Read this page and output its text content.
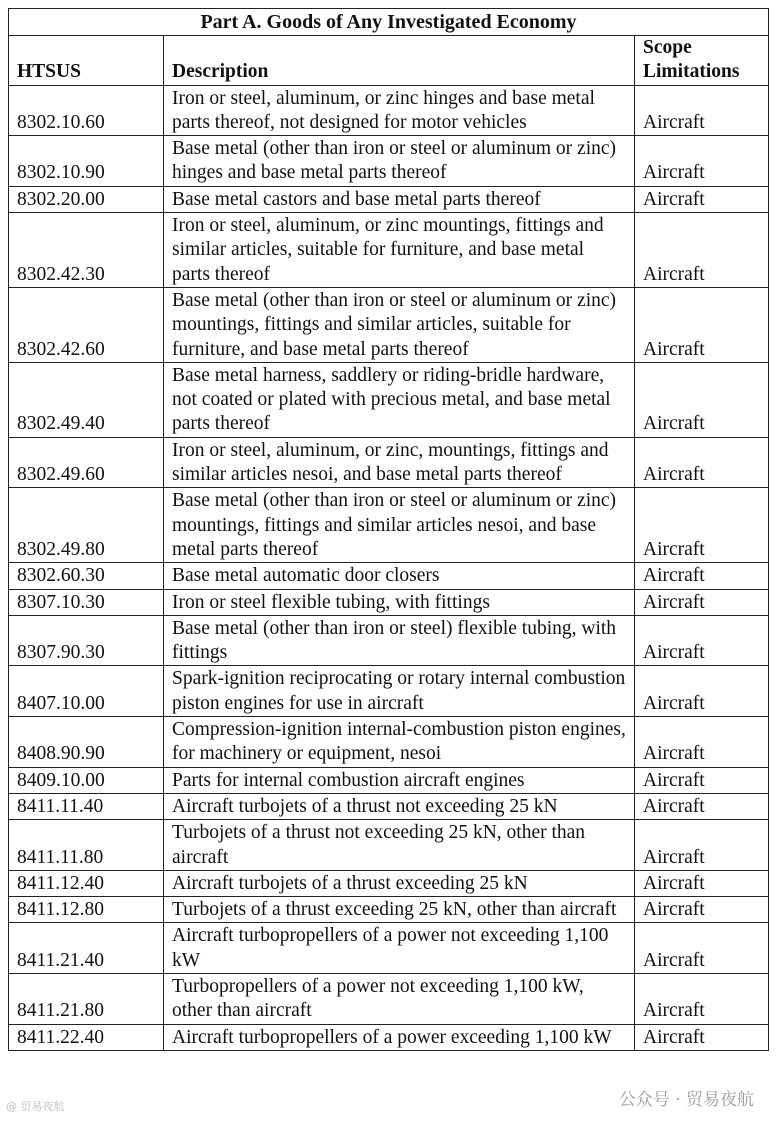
Part A. Goods of Any Investigated Economy		
HTSUS	Description	Scope Limitations
8302.10.60	Iron or steel, aluminum, or zinc hinges and base metal parts thereof, not designed for motor vehicles	Aircraft
8302.10.90	Base metal (other than iron or steel or aluminum or zinc) hinges and base metal parts thereof	Aircraft
8302.20.00	Base metal castors and base metal parts thereof	Aircraft
8302.42.30	Iron or steel, aluminum, or zinc mountings, fittings and similar articles, suitable for furniture, and base metal parts thereof	Aircraft
8302.42.60	Base metal (other than iron or steel or aluminum or zinc) mountings, fittings and similar articles, suitable for furniture, and base metal parts thereof	Aircraft
8302.49.40	Base metal harness, saddlery or riding-bridle hardware, not coated or plated with precious metal, and base metal parts thereof	Aircraft
8302.49.60	Iron or steel, aluminum, or zinc, mountings, fittings and similar articles nesoi, and base metal parts thereof	Aircraft
8302.49.80	Base metal (other than iron or steel or aluminum or zinc) mountings, fittings and similar articles nesoi, and base metal parts thereof	Aircraft
8302.60.30	Base metal automatic door closers	Aircraft
8307.10.30	Iron or steel flexible tubing, with fittings	Aircraft
8307.90.30	Base metal (other than iron or steel) flexible tubing, with fittings	Aircraft
8407.10.00	Spark-ignition reciprocating or rotary internal combustion piston engines for use in aircraft	Aircraft
8408.90.90	Compression-ignition internal-combustion piston engines, for machinery or equipment, nesoi	Aircraft
8409.10.00	Parts for internal combustion aircraft engines	Aircraft
8411.11.40	Aircraft turbojets of a thrust not exceeding 25 kN	Aircraft
8411.11.80	Turbojets of a thrust not exceeding 25 kN, other than aircraft	Aircraft
8411.12.40	Aircraft turbojets of a thrust exceeding 25 kN	Aircraft
8411.12.80	Turbojets of a thrust exceeding 25 kN, other than aircraft	Aircraft
8411.21.40	Aircraft turbopropellers of a power not exceeding 1,100 kW	Aircraft
8411.21.80	Turbopropellers of a power not exceeding 1,100 kW, other than aircraft	Aircraft
8411.22.40	Aircraft turbopropellers of a power exceeding 1,100 kW	Aircraft
@ 贸易夜航	公众号 · 贸易夜航
